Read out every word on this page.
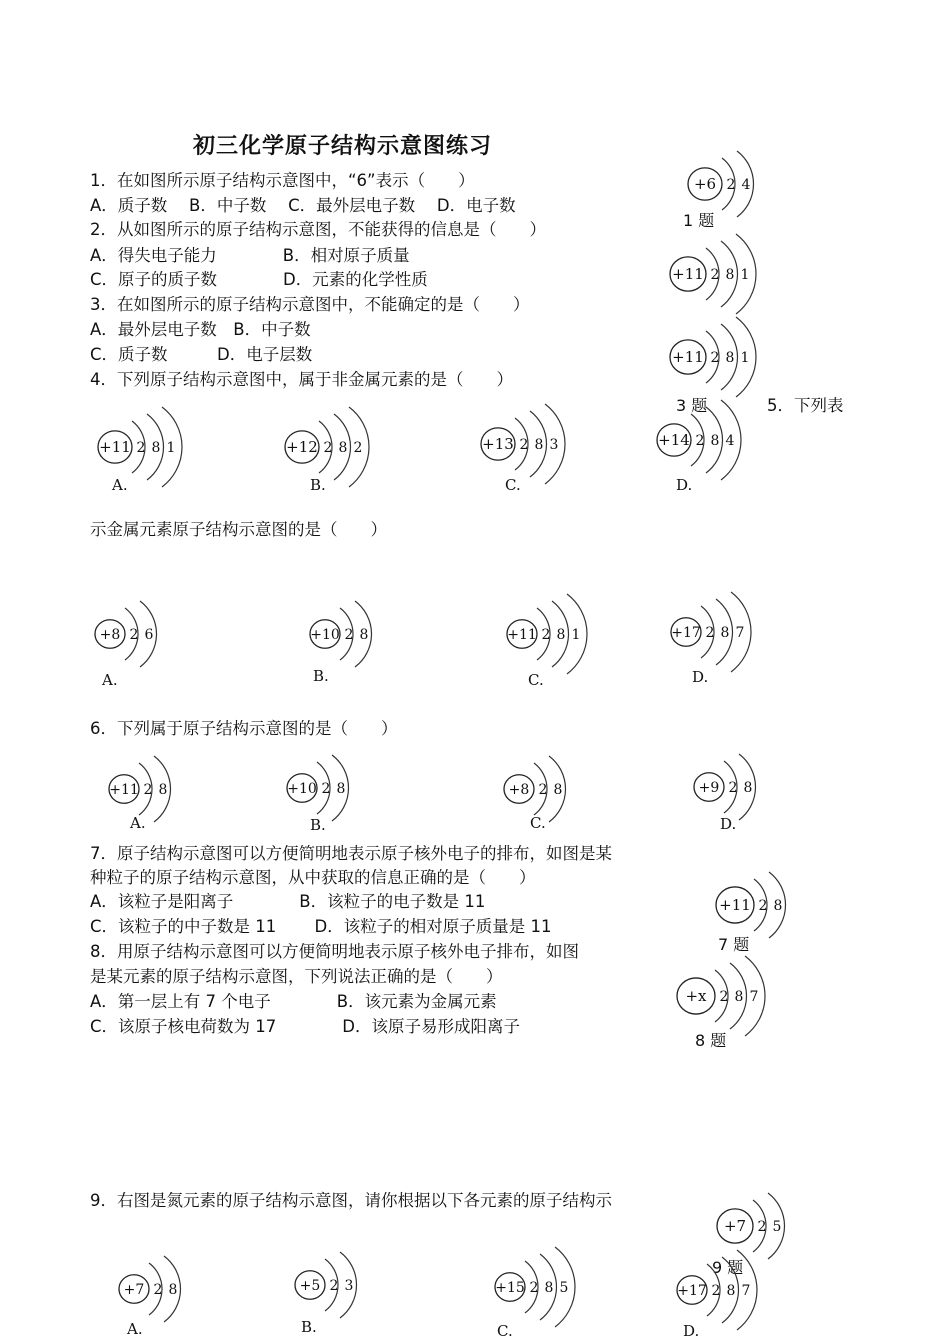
初三化学原子结构示意图练习
1．在如图所示原子结构示意图中，“6”表示（　　）
A．质子数　 B．中子数　 C．最外层电子数　 D．电子数
2．从如图所示的原子结构示意图，不能获得的信息是（　　）
A．得失电子能力　　　　B．相对原子质量
C．原子的质子数　　　　D．元素的化学性质
3．在如图所示的原子结构示意图中，不能确定的是（　　）
A．最外层电子数　B．中子数
C．质子数　　　D．电子层数
4．下列原子结构示意图中，属于非金属元素的是（　　）
5．下列表
示金属元素原子结构示意图的是（　　）
6．下列属于原子结构示意图的是（　　）
7．原子结构示意图可以方便简明地表示原子核外电子的排布，如图是某
种粒子的原子结构示意图，从中获取的信息正确的是（　　）
A．该粒子是阳离子　　　　B．该粒子的电子数是 11
C．该粒子的中子数是 11　　 D．该粒子的相对原子质量是 11
8．用原子结构示意图可以方便简明地表示原子核外电子排布，如图
是某元素的原子结构示意图，下列说法正确的是（　　）
A．第一层上有 7 个电子　　　　B．该元素为金属元素
C．该原子核电荷数为 17　　　　D．该原子易形成阳离子
9．右图是氮元素的原子结构示意图，请你根据以下各元素的原子结构示
+6 2 4
1 题
+11 2 8 1
+11 2 8 1
3 题
+11 2 8 1
A.
+12 2 8 2
B.
+13 2 8 3
C.
+14 2 8 4
D.
+8 2 6
A.
+10 2 8
B.
+11 2 8 1
C.
+17 2 8 7
D.
+11 2 8
A.
+10 2 8
B.
+8 2 8
C.
+9 2 8
D.
+11 2 8
7 题
+x 2 8 7
8 题
+7 2 5
9 题
+7 2 8
A.
+5 2 3
B.
+15 2 8 5
C.
+17 2 8 7
D.
